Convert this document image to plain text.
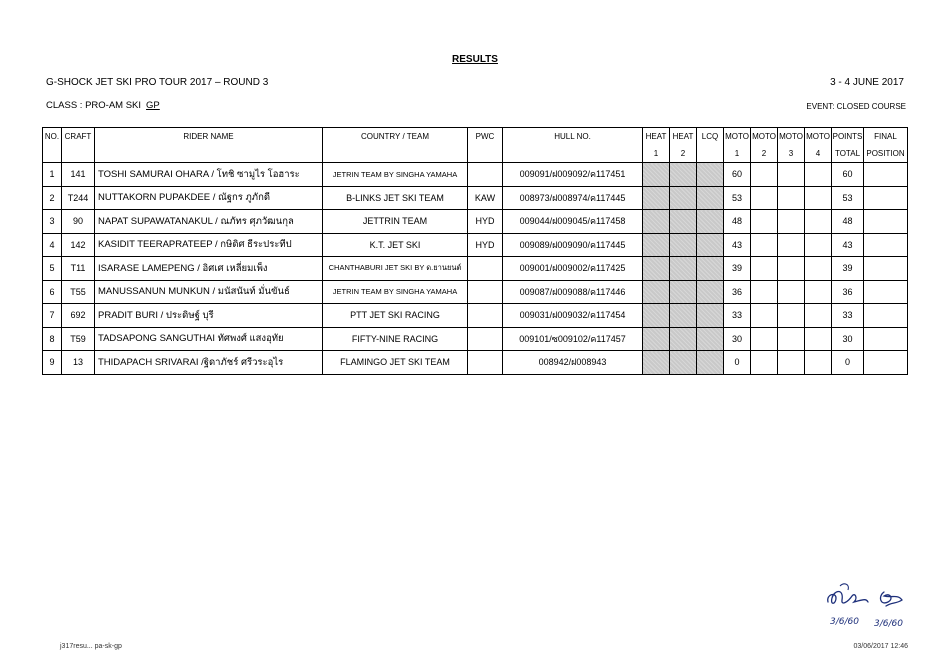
RESULTS
G-SHOCK JET SKI PRO TOUR 2017 – ROUND 3	3 - 4 JUNE 2017
CLASS : PRO-AM SKI GP	EVENT: CLOSED COURSE
NO.	CRAFT	RIDER NAME	COUNTRY / TEAM	PWC	HULL NO.	HEAT	HEAT	LCQ	MOTO	MOTO	MOTO	MOTO	POINTS	FINAL
						1	2		1	2	3	4	TOTAL	POSITION
1	141	TOSHI SAMURAI OHARA / โทชิ ซามูไร โอฮาระ	JETRIN TEAM BY SINGHA YAMAHA		009091/ฝ009092/ค117451				60				60	
2	T244	NUTTAKORN PUPAKDEE / ณัฐกร ภูภักดี	B-LINKS JET SKI TEAM	KAW	008973/ฝ008974/ค117445				53				53	
3	90	NAPAT SUPAWATANAKUL / ณภัทร ศุภวัฒนกุล	JETTRIN TEAM	HYD	009044/ฝ009045/ค117458				48				48	
4	142	KASIDIT TEERAPRATEEP / กษิดิศ ธีระประทีป	K.T. JET SKI	HYD	009089/ฝ009090/ค117445				43				43	
5	T11	ISARASE LAMEPENG / อิศเศ เหลี่ยมเพ็ง	CHANTHABURI JET SKI BY ด.ยานยนต์		009001/ฝ009002/ค117425				39				39	
6	T55	MANUSSANUN MUNKUN / มนัสนันท์ มั่นขันธ์	JETRIN TEAM BY SINGHA YAMAHA		009087/ฝ009088/ค117446				36				36	
7	692	PRADIT BURI / ประดิษฐ์ บุรี	PTT JET SKI RACING		009031/ฝ009032/ค117454				33				33	
8	T59	TADSAPONG SANGUTHAI ทัศพงศ์ แสงอุทัย	FIFTY-NINE RACING		009101/ซ009102/ค117457				30				30	
9	13	THIDAPACH SRIVARAI /ฐิดาภัชร์ ศรีวระอุไร	FLAMINGO JET SKI TEAM		008942/ฝ008943				0				0	
3/6/60 3/6/60
j317resu... pa-sk-gp	03/06/2017 12:46
